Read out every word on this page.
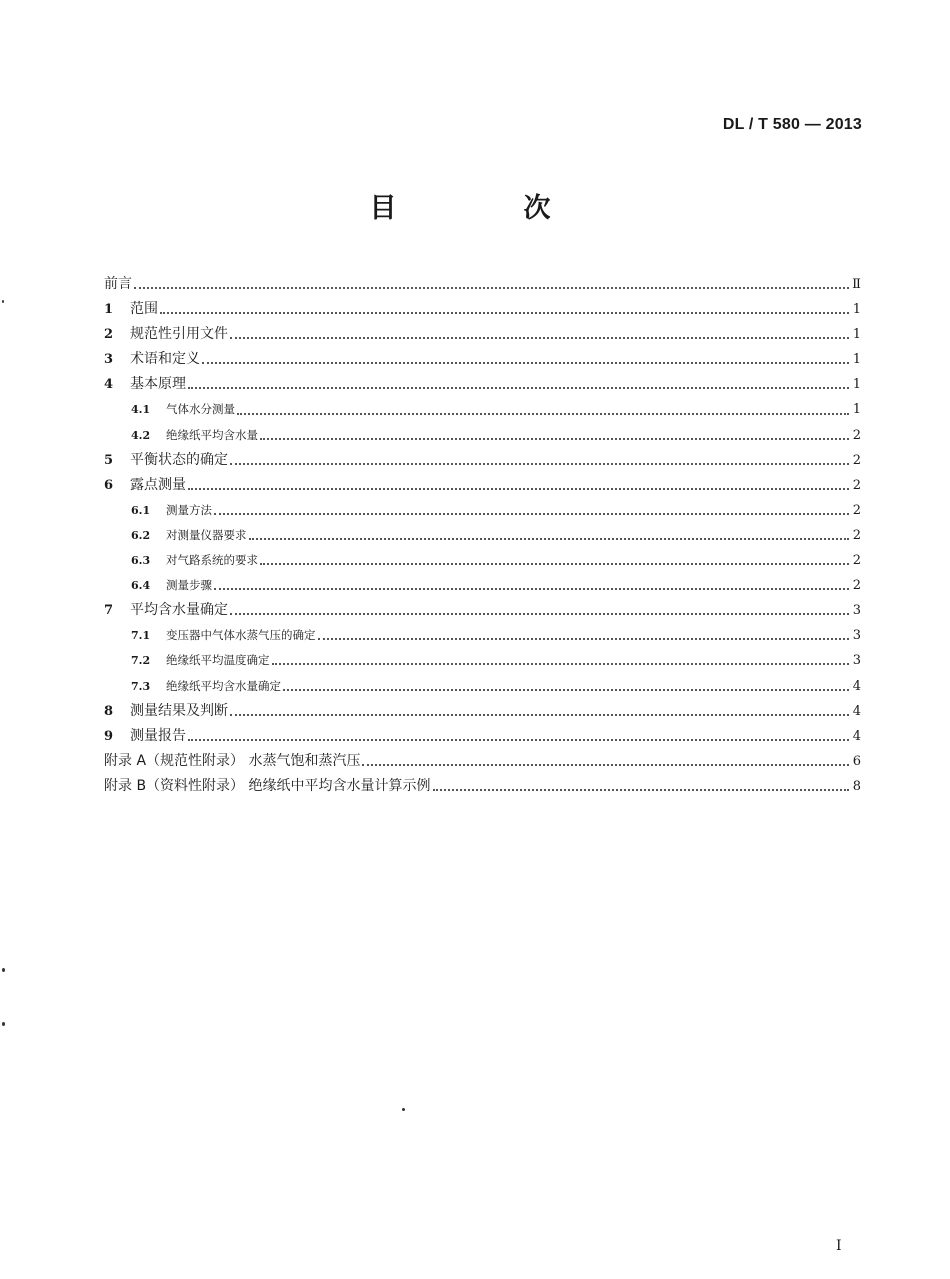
DL / T 580 — 2013
目　次
前言	Ⅱ
1	范围	1
2	规范性引用文件	1
3	术语和定义	1
4	基本原理	1
4.1	气体水分测量	1
4.2	绝缘纸平均含水量	2
5	平衡状态的确定	2
6	露点测量	2
6.1	测量方法	2
6.2	对测量仪器要求	2
6.3	对气路系统的要求	2
6.4	测量步骤	2
7	平均含水量确定	3
7.1	变压器中气体水蒸气压的确定	3
7.2	绝缘纸平均温度确定	3
7.3	绝缘纸平均含水量确定	4
8	测量结果及判断	4
9	测量报告	4
附录 A（规范性附录） 水蒸气饱和蒸汽压	6
附录 B（资料性附录） 绝缘纸中平均含水量计算示例	8
I
